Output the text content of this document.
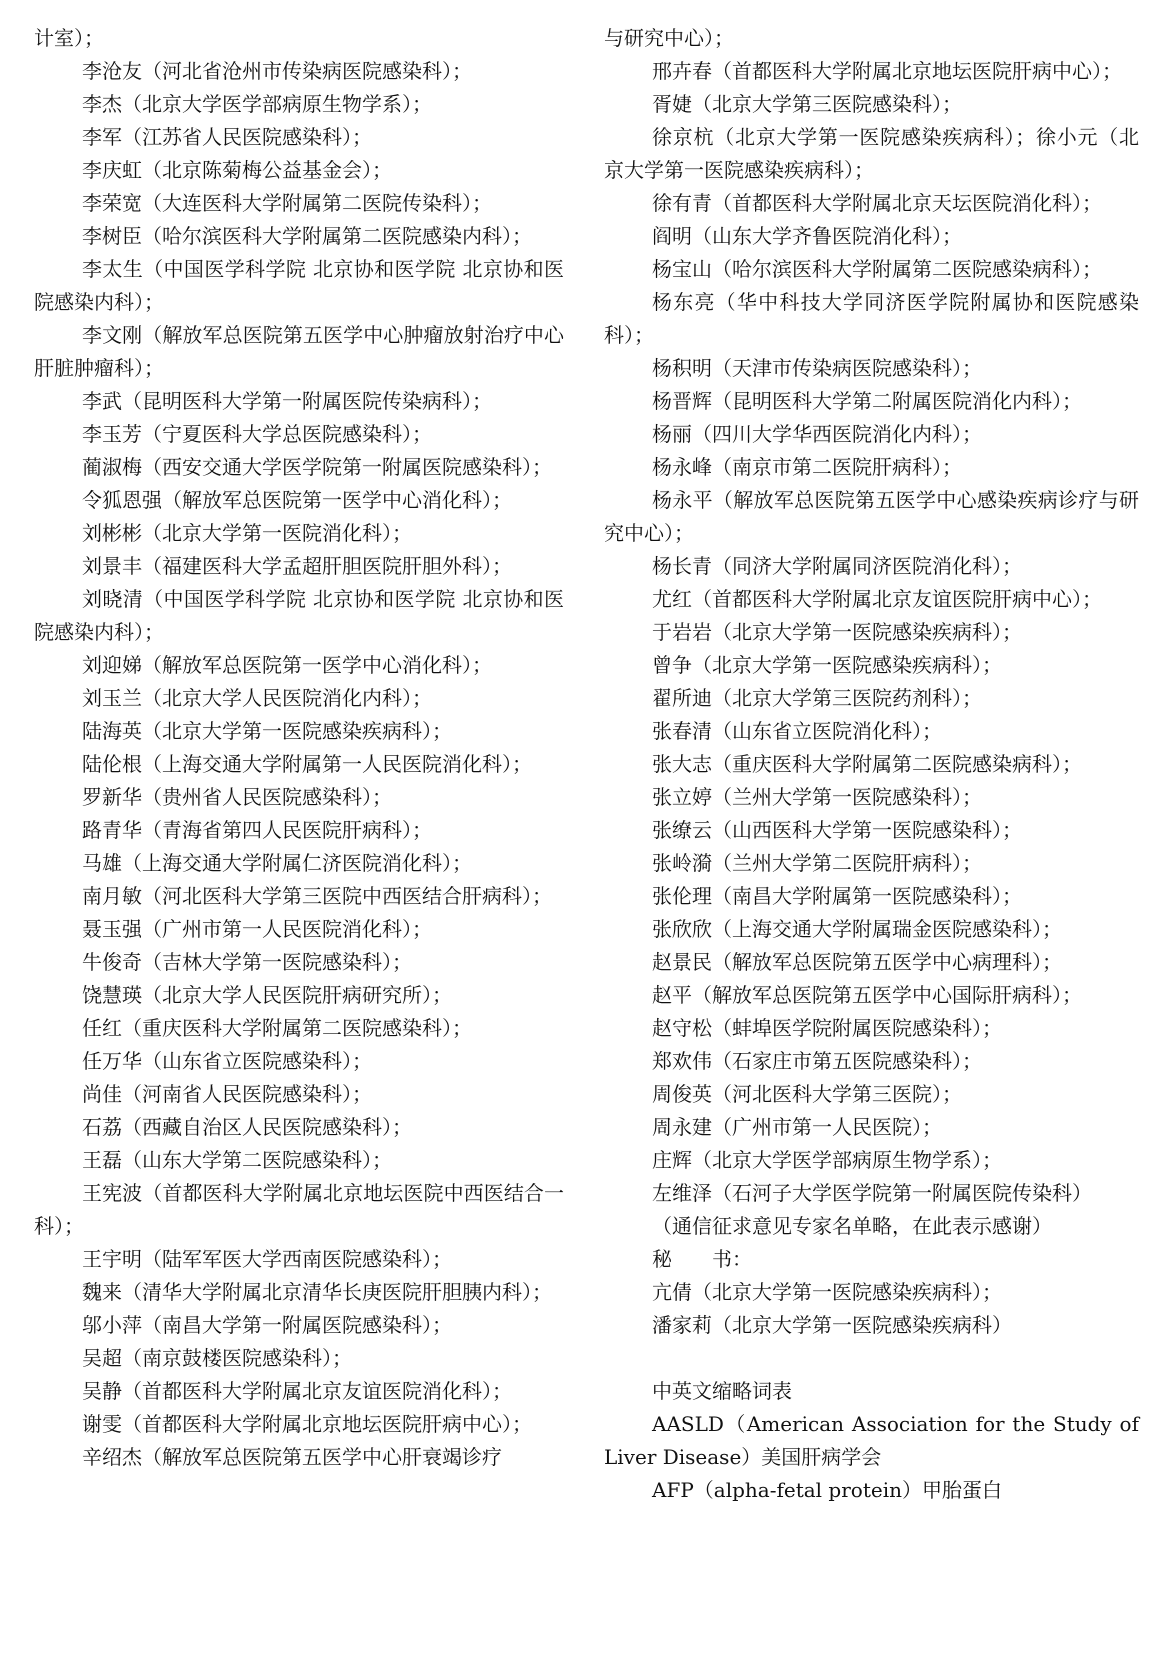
计室）；
李沧友（河北省沧州市传染病医院感染科）；
李杰（北京大学医学部病原生物学系）；
李军（江苏省人民医院感染科）；
李庆虹（北京陈菊梅公益基金会）；
李荣宽（大连医科大学附属第二医院传染科）；
李树臣（哈尔滨医科大学附属第二医院感染内科）；
李太生（中国医学科学院 北京协和医学院 北京协和医院感染内科）；
李文刚（解放军总医院第五医学中心肿瘤放射治疗中心肝脏肿瘤科）；
李武（昆明医科大学第一附属医院传染病科）；
李玉芳（宁夏医科大学总医院感染科）；
蔺淑梅（西安交通大学医学院第一附属医院感染科）；
令狐恩强（解放军总医院第一医学中心消化科）；
刘彬彬（北京大学第一医院消化科）；
刘景丰（福建医科大学孟超肝胆医院肝胆外科）；
刘晓清（中国医学科学院 北京协和医学院 北京协和医院感染内科）；
刘迎娣（解放军总医院第一医学中心消化科）；
刘玉兰（北京大学人民医院消化内科）；
陆海英（北京大学第一医院感染疾病科）；
陆伦根（上海交通大学附属第一人民医院消化科）；
罗新华（贵州省人民医院感染科）；
路青华（青海省第四人民医院肝病科）；
马雄（上海交通大学附属仁济医院消化科）；
南月敏（河北医科大学第三医院中西医结合肝病科）；
聂玉强（广州市第一人民医院消化科）；
牛俊奇（吉林大学第一医院感染科）；
饶慧瑛（北京大学人民医院肝病研究所）；
任红（重庆医科大学附属第二医院感染科）；
任万华（山东省立医院感染科）；
尚佳（河南省人民医院感染科）；
石荔（西藏自治区人民医院感染科）；
王磊（山东大学第二医院感染科）；
王宪波（首都医科大学附属北京地坛医院中西医结合一科）；
王宇明（陆军军医大学西南医院感染科）；
魏来（清华大学附属北京清华长庚医院肝胆胰内科）；
邬小萍（南昌大学第一附属医院感染科）；
吴超（南京鼓楼医院感染科）；
吴静（首都医科大学附属北京友谊医院消化科）；
谢雯（首都医科大学附属北京地坛医院肝病中心）；
辛绍杰（解放军总医院第五医学中心肝衰竭诊疗
与研究中心）；
邢卉春（首都医科大学附属北京地坛医院肝病中心）；
胥婕（北京大学第三医院感染科）；
徐京杭（北京大学第一医院感染疾病科）；徐小元（北京大学第一医院感染疾病科）；
徐有青（首都医科大学附属北京天坛医院消化科）；
阎明（山东大学齐鲁医院消化科）；
杨宝山（哈尔滨医科大学附属第二医院感染病科）；
杨东亮（华中科技大学同济医学院附属协和医院感染科）；
杨积明（天津市传染病医院感染科）；
杨晋辉（昆明医科大学第二附属医院消化内科）；
杨丽（四川大学华西医院消化内科）；
杨永峰（南京市第二医院肝病科）；
杨永平（解放军总医院第五医学中心感染疾病诊疗与研究中心）；
杨长青（同济大学附属同济医院消化科）；
尤红（首都医科大学附属北京友谊医院肝病中心）；
于岩岩（北京大学第一医院感染疾病科）；
曾争（北京大学第一医院感染疾病科）；
翟所迪（北京大学第三医院药剂科）；
张春清（山东省立医院消化科）；
张大志（重庆医科大学附属第二医院感染病科）；
张立婷（兰州大学第一医院感染科）；
张缭云（山西医科大学第一医院感染科）；
张岭漪（兰州大学第二医院肝病科）；
张伦理（南昌大学附属第一医院感染科）；
张欣欣（上海交通大学附属瑞金医院感染科）；
赵景民（解放军总医院第五医学中心病理科）；
赵平（解放军总医院第五医学中心国际肝病科）；
赵守松（蚌埠医学院附属医院感染科）；
郑欢伟（石家庄市第五医院感染科）；
周俊英（河北医科大学第三医院）；
周永建（广州市第一人民医院）；
庄辉（北京大学医学部病原生物学系）；
左维泽（石河子大学医学院第一附属医院传染科）
（通信征求意见专家名单略，在此表示感谢）
秘　　书：
亢倩（北京大学第一医院感染疾病科）；
潘家莉（北京大学第一医院感染疾病科）
中英文缩略词表
AASLD（American Association for the Study of Liver Disease）美国肝病学会
AFP（alpha-fetal protein）甲胎蛋白
